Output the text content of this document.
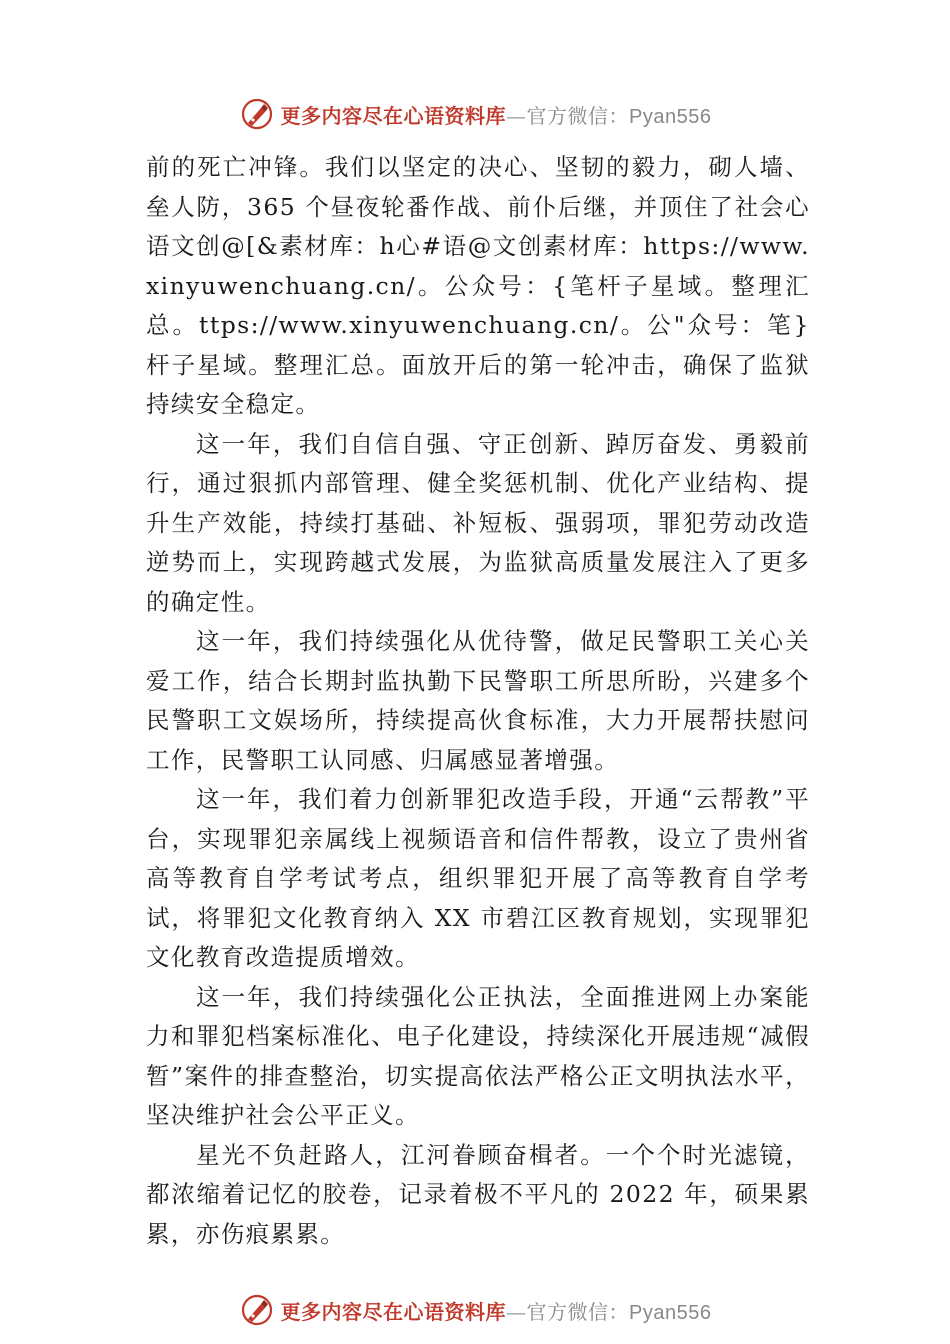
更多内容尽在心语资料库—官方微信：Pyan556

前的死亡冲锋。我们以坚定的决心、坚韧的毅力，砌人墙、垒人防，365 个昼夜轮番作战、前仆后继，并顶住了社会心语文创@[&素材库：h心#语@文创素材库：https://www.xinyuwenchuang.cn/。公众号：{笔杆子星域。整理汇总。ttps://www.xinyuwenchuang.cn/。公"众号：笔}杆子星域。整理汇总。面放开后的第一轮冲击，确保了监狱持续安全稳定。

这一年，我们自信自强、守正创新、踔厉奋发、勇毅前行，通过狠抓内部管理、健全奖惩机制、优化产业结构、提升生产效能，持续打基础、补短板、强弱项，罪犯劳动改造逆势而上，实现跨越式发展，为监狱高质量发展注入了更多的确定性。

这一年，我们持续强化从优待警，做足民警职工关心关爱工作，结合长期封监执勤下民警职工所思所盼，兴建多个民警职工文娱场所，持续提高伙食标准，大力开展帮扶慰问工作，民警职工认同感、归属感显著增强。

这一年，我们着力创新罪犯改造手段，开通“云帮教”平台，实现罪犯亲属线上视频语音和信件帮教，设立了贵州省高等教育自学考试考点，组织罪犯开展了高等教育自学考试，将罪犯文化教育纳入 XX 市碧江区教育规划，实现罪犯文化教育改造提质增效。

这一年，我们持续强化公正执法，全面推进网上办案能力和罪犯档案标准化、电子化建设，持续深化开展违规“减假暂”案件的排查整治，切实提高依法严格公正文明执法水平，坚决维护社会公平正义。

星光不负赶路人，江河眷顾奋楫者。一个个时光滤镜，都浓缩着记忆的胶卷，记录着极不平凡的 2022 年，硕果累累，亦伤痕累累。

更多内容尽在心语资料库—官方微信：Pyan556
